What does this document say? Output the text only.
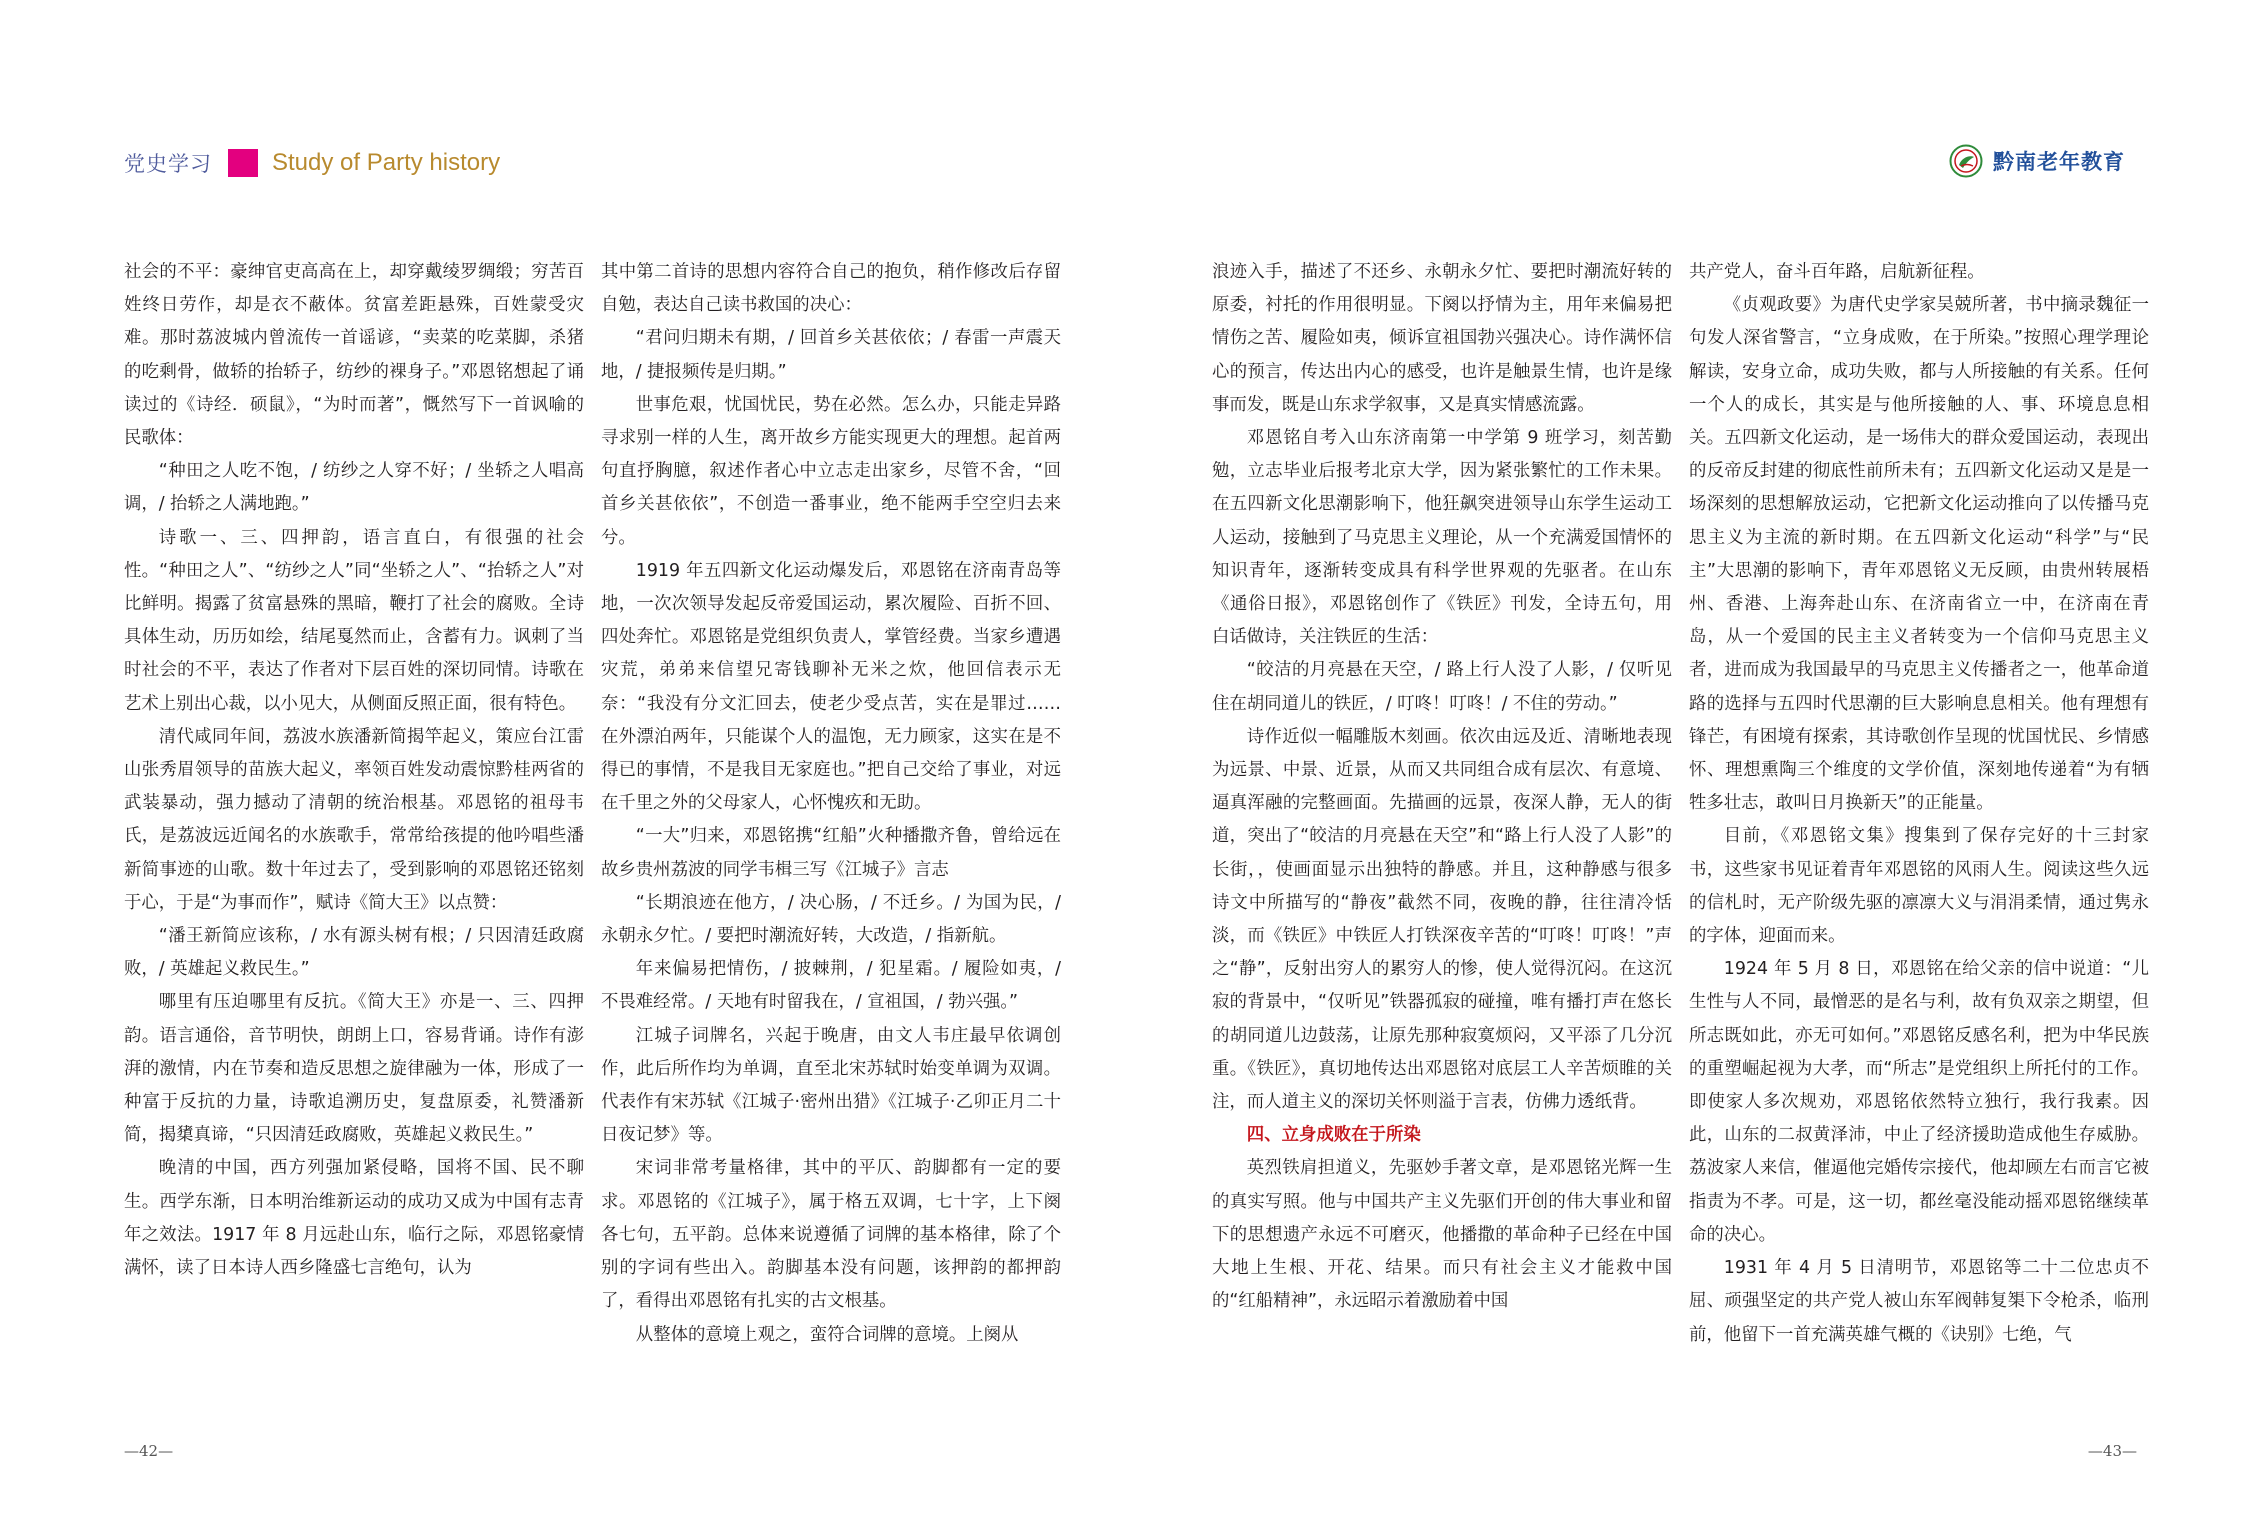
党史学习	Study of Party history	黔南老年教育

社会的不平：豪绅官吏高高在上，却穿戴绫罗绸缎；穷苦百姓终日劳作，却是衣不蔽体。贫富差距悬殊，百姓蒙受灾难。那时荔波城内曾流传一首谣谚，“卖菜的吃菜脚，杀猪的吃剩骨，做轿的抬轿子，纺纱的裸身子。”邓恩铭想起了诵读过的《诗经．硕鼠》，“为时而著”，慨然写下一首讽喻的民歌体：

“种田之人吃不饱，/ 纺纱之人穿不好；/ 坐轿之人唱高调，/ 抬轿之人满地跑。”

诗歌一、三、四押韵，语言直白，有很强的社会性。“种田之人”、“纺纱之人”同“坐轿之人”、“抬轿之人”对比鲜明。揭露了贫富悬殊的黑暗，鞭打了社会的腐败。全诗具体生动，历历如绘，结尾戛然而止，含蓄有力。讽刺了当时社会的不平，表达了作者对下层百姓的深切同情。诗歌在艺术上别出心裁，以小见大，从侧面反照正面，很有特色。

清代咸同年间，荔波水族潘新简揭竿起义，策应台江雷山张秀眉领导的苗族大起义，率领百姓发动震惊黔桂两省的武装暴动，强力撼动了清朝的统治根基。邓恩铭的祖母韦氏，是荔波远近闻名的水族歌手，常常给孩提的他吟唱些潘新简事迹的山歌。数十年过去了，受到影响的邓恩铭还铭刻于心，于是“为事而作”，赋诗《简大王》以点赞：

“潘王新简应该称，/ 水有源头树有根；/ 只因清廷政腐败，/ 英雄起义救民生。”

哪里有压迫哪里有反抗。《简大王》亦是一、三、四押韵。语言通俗，音节明快，朗朗上口，容易背诵。诗作有澎湃的激情，内在节奏和造反思想之旋律融为一体，形成了一种富于反抗的力量，诗歌追溯历史，复盘原委，礼赞潘新简，揭橥真谛，“只因清廷政腐败，英雄起义救民生。”

晚清的中国，西方列强加紧侵略，国将不国、民不聊生。西学东渐，日本明治维新运动的成功又成为中国有志青年之效法。1917 年 8 月远赴山东，临行之际，邓恩铭豪情满怀，读了日本诗人西乡隆盛七言绝句，认为

其中第二首诗的思想内容符合自己的抱负，稍作修改后存留自勉，表达自己读书救国的决心：

“君问归期未有期，/ 回首乡关甚依依；/ 春雷一声震天地，/ 捷报频传是归期。”

世事危艰，忧国忧民，势在必然。怎么办，只能走异路寻求别一样的人生，离开故乡方能实现更大的理想。起首两句直抒胸臆，叙述作者心中立志走出家乡，尽管不舍，“回首乡关甚依依”，不创造一番事业，绝不能两手空空归去来兮。

1919 年五四新文化运动爆发后，邓恩铭在济南青岛等地，一次次领导发起反帝爱国运动，累次履险、百折不回、四处奔忙。邓恩铭是党组织负责人，掌管经费。当家乡遭遇灾荒，弟弟来信望兄寄钱聊补无米之炊，他回信表示无奈：“我没有分文汇回去，使老少受点苦，实在是罪过……在外漂泊两年，只能谋个人的温饱，无力顾家，这实在是不得已的事情，不是我目无家庭也。”把自己交给了事业，对远在千里之外的父母家人，心怀愧疚和无助。

“一大”归来，邓恩铭携“红船”火种播撒齐鲁，曾给远在故乡贵州荔波的同学韦楫三写《江城子》言志

“长期浪迹在他方，/ 决心肠，/ 不迁乡。/ 为国为民，/ 永朝永夕忙。/ 要把时潮流好转，大改造，/ 指新航。

年来偏易把情伤，/ 披棘荆，/ 犯星霜。/ 履险如夷，/ 不畏难经常。/ 天地有时留我在，/ 宣祖国，/ 勃兴强。”

江城子词牌名，兴起于晚唐，由文人韦庄最早依调创作，此后所作均为单调，直至北宋苏轼时始变单调为双调。代表作有宋苏轼《江城子·密州出猎》《江城子·乙卯正月二十日夜记梦》等。

宋词非常考量格律，其中的平仄、韵脚都有一定的要求。邓恩铭的《江城子》，属于格五双调，七十字，上下阕各七句，五平韵。总体来说遵循了词牌的基本格律，除了个别的字词有些出入。韵脚基本没有问题，该押韵的都押韵了，看得出邓恩铭有扎实的古文根基。

从整体的意境上观之，蛮符合词牌的意境。上阕从

浪迹入手，描述了不还乡、永朝永夕忙、要把时潮流好转的原委，衬托的作用很明显。下阕以抒情为主，用年来偏易把情伤之苦、履险如夷，倾诉宣祖国勃兴强决心。诗作满怀信心的预言，传达出内心的感受，也许是触景生情，也许是缘事而发，既是山东求学叙事，又是真实情感流露。

邓恩铭自考入山东济南第一中学第 9 班学习，刻苦勤勉，立志毕业后报考北京大学，因为紧张繁忙的工作未果。在五四新文化思潮影响下，他狂飙突进领导山东学生运动工人运动，接触到了马克思主义理论，从一个充满爱国情怀的知识青年，逐渐转变成具有科学世界观的先驱者。在山东《通俗日报》，邓恩铭创作了《铁匠》刊发，全诗五句，用白话做诗，关注铁匠的生活：

“皎洁的月亮悬在天空，/ 路上行人没了人影，/ 仅听见住在胡同道儿的铁匠，/ 叮咚！叮咚！/ 不住的劳动。”

诗作近似一幅雕版木刻画。依次由远及近、清晰地表现为远景、中景、近景，从而又共同组合成有层次、有意境、逼真浑融的完整画面。先描画的远景，夜深人静，无人的街道，突出了“皎洁的月亮悬在天空”和“路上行人没了人影”的长街，，使画面显示出独特的静感。并且，这种静感与很多诗文中所描写的“静夜”截然不同，夜晚的静，往往清冷恬淡，而《铁匠》中铁匠人打铁深夜辛苦的“叮咚！叮咚！”声之“静”，反射出穷人的累穷人的惨，使人觉得沉闷。在这沉寂的背景中，“仅听见”铁器孤寂的碰撞，唯有播打声在悠长的胡同道儿边鼓荡，让原先那种寂寞烦闷，又平添了几分沉重。《铁匠》，真切地传达出邓恩铭对底层工人辛苦烦睢的关注，而人道主义的深切关怀则溢于言表，仿佛力透纸背。

四、立身成败在于所染

英烈铁肩担道义，先驱妙手著文章，是邓恩铭光辉一生的真实写照。他与中国共产主义先驱们开创的伟大事业和留下的思想遗产永远不可磨灭，他播撒的革命种子已经在中国大地上生根、开花、结果。而只有社会主义才能救中国的“红船精神”，永远昭示着激励着中国

共产党人，奋斗百年路，启航新征程。

《贞观政要》为唐代史学家吴兢所著，书中摘录魏征一句发人深省警言，“立身成败，在于所染。”按照心理学理论解读，安身立命，成功失败，都与人所接触的有关系。任何一个人的成长，其实是与他所接触的人、事、环境息息相关。五四新文化运动，是一场伟大的群众爱国运动，表现出的反帝反封建的彻底性前所未有；五四新文化运动又是是一场深刻的思想解放运动，它把新文化运动推向了以传播马克思主义为主流的新时期。在五四新文化运动“科学”与“民主”大思潮的影响下，青年邓恩铭义无反顾，由贵州转展梧州、香港、上海奔赴山东、在济南省立一中，在济南在青岛，从一个爱国的民主主义者转变为一个信仰马克思主义者，进而成为我国最早的马克思主义传播者之一，他革命道路的选择与五四时代思潮的巨大影响息息相关。他有理想有锋芒，有困境有探索，其诗歌创作呈现的忧国忧民、乡情感怀、理想熏陶三个维度的文学价值，深刻地传递着“为有牺牲多壮志，敢叫日月换新天”的正能量。

目前，《邓恩铭文集》搜集到了保存完好的十三封家书，这些家书见证着青年邓恩铭的风雨人生。阅读这些久远的信札时，无产阶级先驱的凛凛大义与涓涓柔情，通过隽永的字体，迎面而来。

1924 年 5 月 8 日，邓恩铭在给父亲的信中说道：“儿生性与人不同，最憎恶的是名与利，故有负双亲之期望，但所志既如此，亦无可如何。”邓恩铭反感名利，把为中华民族的重塑崛起视为大孝，而“所志”是党组织上所托付的工作。即使家人多次规劝，邓恩铭依然特立独行，我行我素。因此，山东的二叔黄泽沛，中止了经济援助造成他生存威胁。荔波家人来信，催逼他完婚传宗接代，他却顾左右而言它被指责为不孝。可是，这一切，都丝毫没能动摇邓恩铭继续革命的决心。

1931 年 4 月 5 日清明节，邓恩铭等二十二位忠贞不屈、顽强坚定的共产党人被山东军阀韩复榘下令枪杀，临刑前，他留下一首充满英雄气概的《诀别》七绝，气

—42—	—43—
